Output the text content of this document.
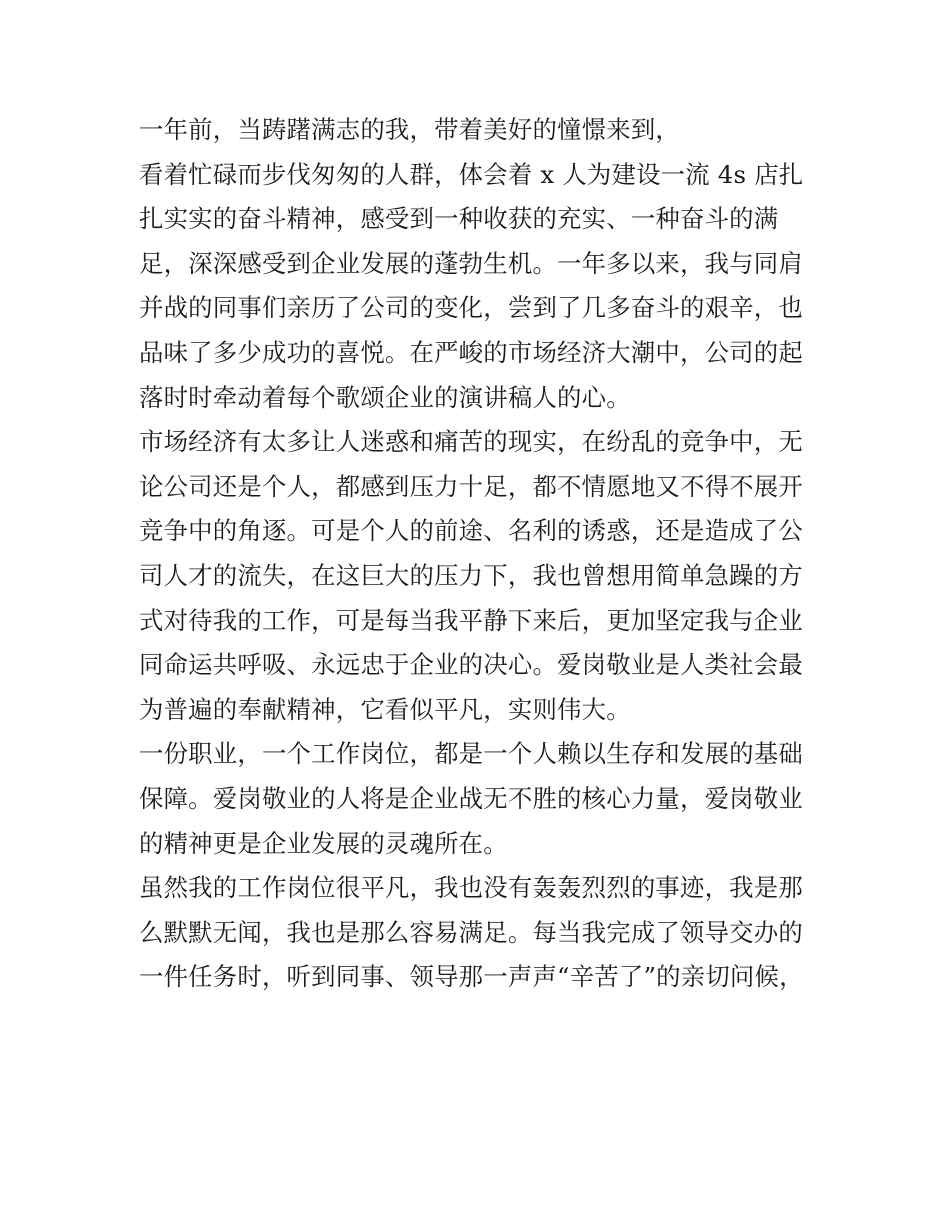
一年前，当踌躇满志的我，带着美好的憧憬来到，
看着忙碌而步伐匆匆的人群，体会着 x 人为建设一流 4s 店扎
扎实实的奋斗精神，感受到一种收获的充实、一种奋斗的满
足，深深感受到企业发展的蓬勃生机。一年多以来，我与同肩
并战的同事们亲历了公司的变化，尝到了几多奋斗的艰辛，也
品味了多少成功的喜悦。在严峻的市场经济大潮中，公司的起
落时时牵动着每个歌颂企业的演讲稿人的心。
市场经济有太多让人迷惑和痛苦的现实，在纷乱的竞争中，无
论公司还是个人，都感到压力十足，都不情愿地又不得不展开
竞争中的角逐。可是个人的前途、名利的诱惑，还是造成了公
司人才的流失，在这巨大的压力下，我也曾想用简单急躁的方
式对待我的工作，可是每当我平静下来后，更加坚定我与企业
同命运共呼吸、永远忠于企业的决心。爱岗敬业是人类社会最
为普遍的奉献精神，它看似平凡，实则伟大。
一份职业，一个工作岗位，都是一个人赖以生存和发展的基础
保障。爱岗敬业的人将是企业战无不胜的核心力量，爱岗敬业
的精神更是企业发展的灵魂所在。
虽然我的工作岗位很平凡，我也没有轰轰烈烈的事迹，我是那
么默默无闻，我也是那么容易满足。每当我完成了领导交办的
一件任务时，听到同事、领导那一声声“辛苦了”的亲切问候，
